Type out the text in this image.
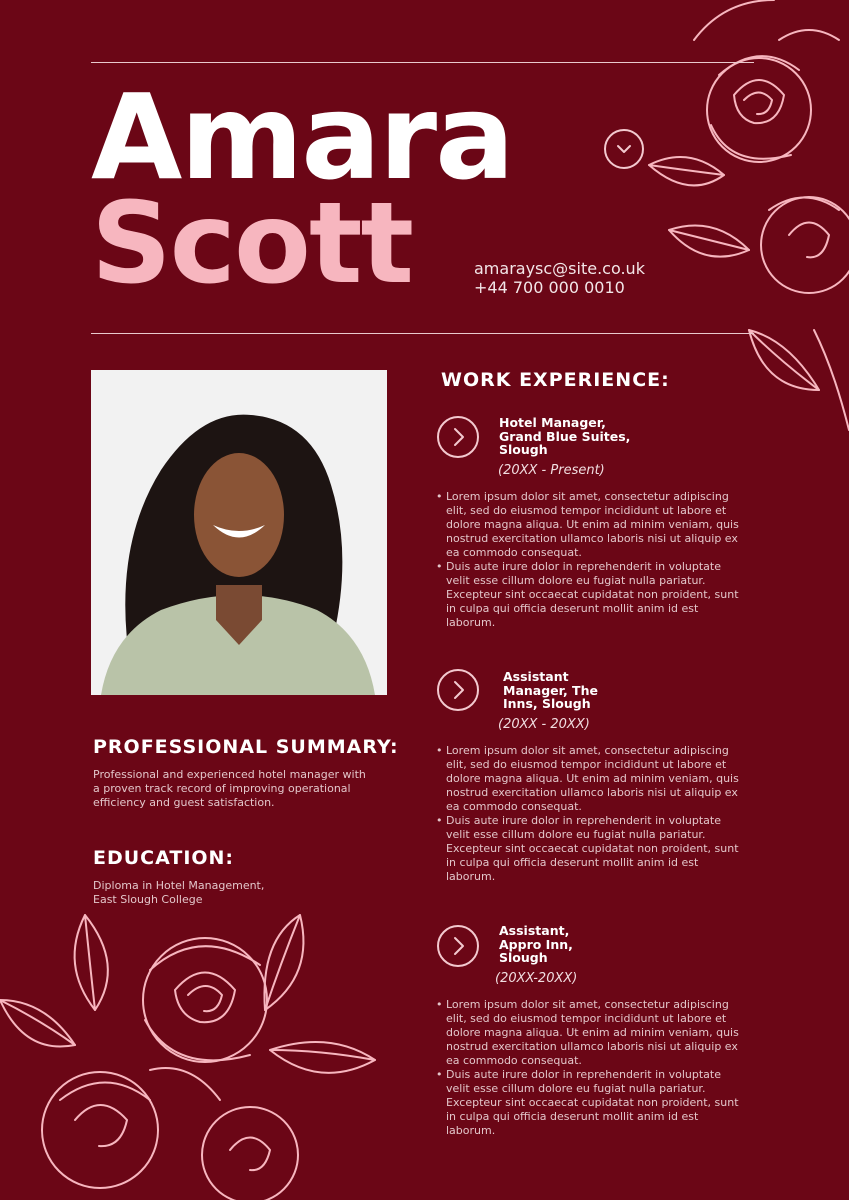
Amara
Scott	amaraysc@site.co.uk
+44 700 000 0010
PROFESSIONAL SUMMARY:
Professional and experienced hotel manager with a proven track record of improving operational efficiency and guest satisfaction.
EDUCATION:
Diploma in Hotel Management,
East Slough College
WORK EXPERIENCE:
Hotel Manager,
Grand Blue Suites,
Slough
(20XX - Present)
• Lorem ipsum dolor sit amet, consectetur adipiscing elit, sed do eiusmod tempor incididunt ut labore et dolore magna aliqua. Ut enim ad minim veniam, quis nostrud exercitation ullamco laboris nisi ut aliquip ex ea commodo consequat.
• Duis aute irure dolor in reprehenderit in voluptate velit esse cillum dolore eu fugiat nulla pariatur. Excepteur sint occaecat cupidatat non proident, sunt in culpa qui officia deserunt mollit anim id est laborum.
Assistant
Manager, The
Inns, Slough
(20XX - 20XX)
• Lorem ipsum dolor sit amet, consectetur adipiscing elit, sed do eiusmod tempor incididunt ut labore et dolore magna aliqua. Ut enim ad minim veniam, quis nostrud exercitation ullamco laboris nisi ut aliquip ex ea commodo consequat.
• Duis aute irure dolor in reprehenderit in voluptate velit esse cillum dolore eu fugiat nulla pariatur. Excepteur sint occaecat cupidatat non proident, sunt in culpa qui officia deserunt mollit anim id est laborum.
Assistant,
Appro Inn,
Slough
(20XX-20XX)
• Lorem ipsum dolor sit amet, consectetur adipiscing elit, sed do eiusmod tempor incididunt ut labore et dolore magna aliqua. Ut enim ad minim veniam, quis nostrud exercitation ullamco laboris nisi ut aliquip ex ea commodo consequat.
• Duis aute irure dolor in reprehenderit in voluptate velit esse cillum dolore eu fugiat nulla pariatur. Excepteur sint occaecat cupidatat non proident, sunt in culpa qui officia deserunt mollit anim id est laborum.
